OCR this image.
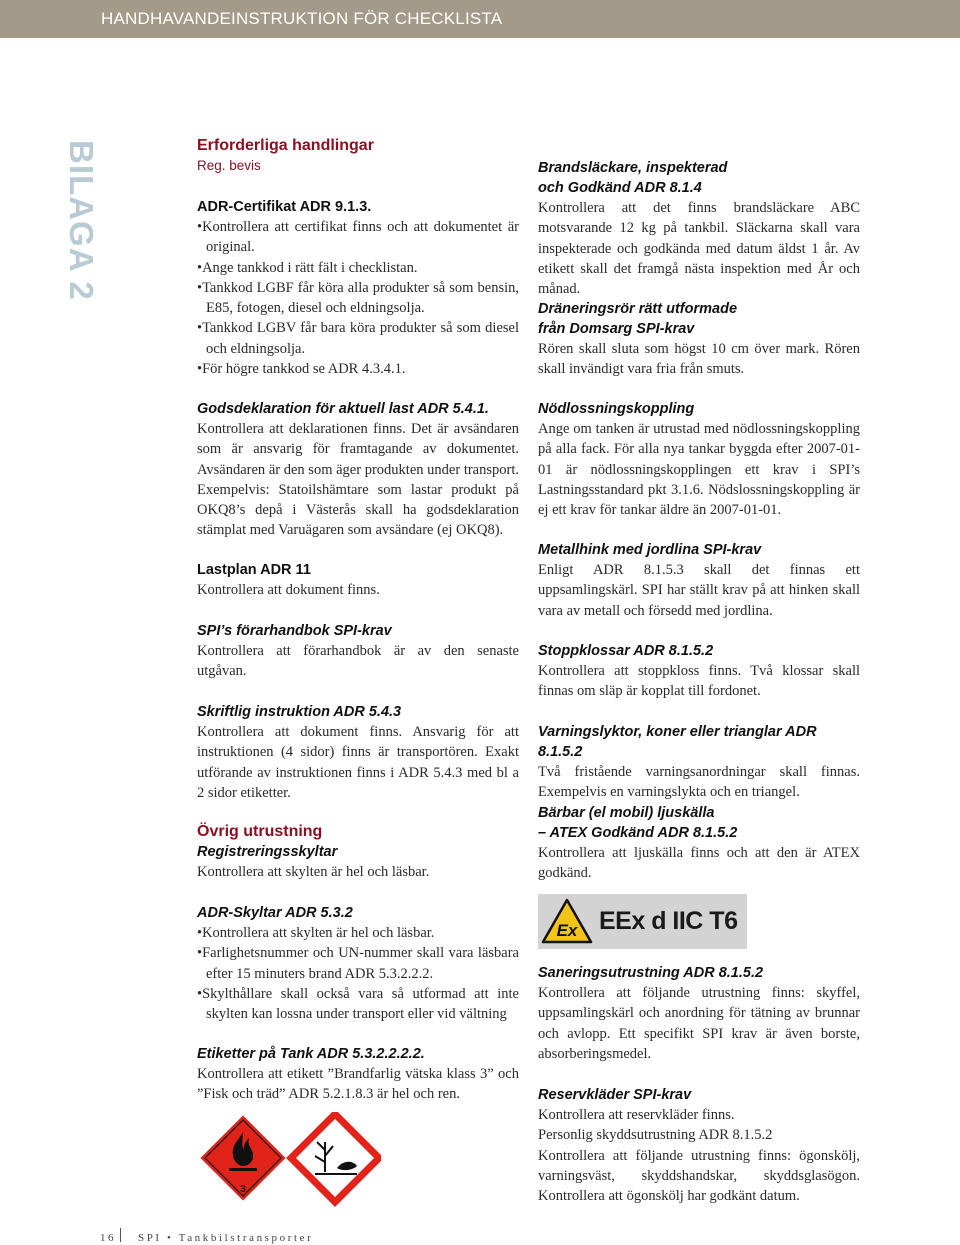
HANDHAVANDEINSTRUKTION FÖR CHECKLISTA
BILAGA 2	Erforderliga handlingar
Reg. bevis
ADR-Certifikat ADR 9.1.3.
• Kontrollera att certifikat finns och att dokumentet är original.
• Ange tankkod i rätt fält i checklistan.
• Tankkod LGBF får köra alla produkter så som bensin, E85, fotogen, diesel och eldningsolja.
• Tankkod LGBV får bara köra produkter så som diesel och eldningsolja.
• För högre tankkod se ADR 4.3.4.1.
Godsdeklaration för aktuell last ADR 5.4.1.

Kontrollera att deklarationen finns. Det är avsändaren som är ansvarig för framtagande av dokumentet. Avsändaren är den som äger produkten under transport. Exempelvis: Statoilshämtare som lastar produkt på OKQ8’s depå i Västerås skall ha godsdeklaration stämplat med Varuägaren som avsändare (ej OKQ8).

Lastplan ADR 11

Kontrollera att dokument finns.

SPI’s förarhandbok SPI-krav

Kontrollera att förarhandbok är av den senaste utgåvan.

Skriftlig instruktion ADR 5.4.3

Kontrollera att dokument finns. Ansvarig för att instruktionen (4 sidor) finns är transportören. Exakt utförande av instruktionen finns i ADR 5.4.3 med bl a 2 sidor etiketter.

Övrig utrustning
Registreringsskyltar

Kontrollera att skylten är hel och läsbar.

ADR-Skyltar ADR 5.3.2
• Kontrollera att skylten är hel och läsbar.
• Farlighetsnummer och UN-nummer skall vara läsbara efter 15 minuters brand ADR 5.3.2.2.2.
• Skylthållare skall också vara så utformad att inte skylten kan lossna under transport eller vid vältning
Etiketter på Tank ADR 5.3.2.2.2.2.

Kontrollera att etikett ”Brandfarlig vätska klass 3” och ”Fisk och träd” ADR 5.2.1.8.3 är hel och ren.

3
Brandsläckare, inspekterad och Godkänd ADR 8.1.4

Kontrollera att det finns brandsläckare ABC motsvarande 12 kg på tankbil. Släckarna skall vara inspekterade och godkända med datum äldst 1 år. Av etikett skall det framgå nästa inspektion med År och månad.

Dräneringsrör rätt utformade från Domsarg SPI-krav

Rören skall sluta som högst 10 cm över mark. Rören skall invändigt vara fria från smuts.

Nödlossningskoppling

Ange om tanken är utrustad med nödlossningskoppling på alla fack. För alla nya tankar byggda efter 2007-01-01 är nödlossningskopplingen ett krav i SPI’s Lastningsstandard pkt 3.1.6. Nödslossningskoppling är ej ett krav för tankar äldre än 2007-01-01.

Metallhink med jordlina SPI-krav

Enligt ADR 8.1.5.3 skall det finnas ett uppsamlingskärl. SPI har ställt krav på att hinken skall vara av metall och försedd med jordlina.

Stoppklossar ADR 8.1.5.2

Kontrollera att stoppkloss finns. Två klossar skall finnas om släp är kopplat till fordonet.

Varningslyktor, koner eller trianglar ADR 8.1.5.2

Två fristående varningsanordningar skall finnas. Exempelvis en varningslykta och en triangel.

Bärbar (el mobil) ljuskälla
– ATEX Godkänd ADR 8.1.5.2

Kontrollera att ljuskälla finns och att den är ATEX godkänd.

Saneringsutrustning ADR 8.1.5.2

Kontrollera att följande utrustning finns: skyffel, uppsamlingskärl och anordning för tätning av brunnar och avlopp. Ett specifikt SPI krav är även borste, absorberingsmedel.

Reservkläder SPI-krav

Kontrollera att reservkläder finns.

Personlig skyddsutrustning ADR 8.1.5.2

Kontrollera att följande utrustning finns: ögonskölj, varningsväst, skyddshandskar, skyddsglasögon. Kontrollera att ögonskölj har godkänt datum.

Ex EEx d IIC T6
16 SPI • Tankbilstransporter
